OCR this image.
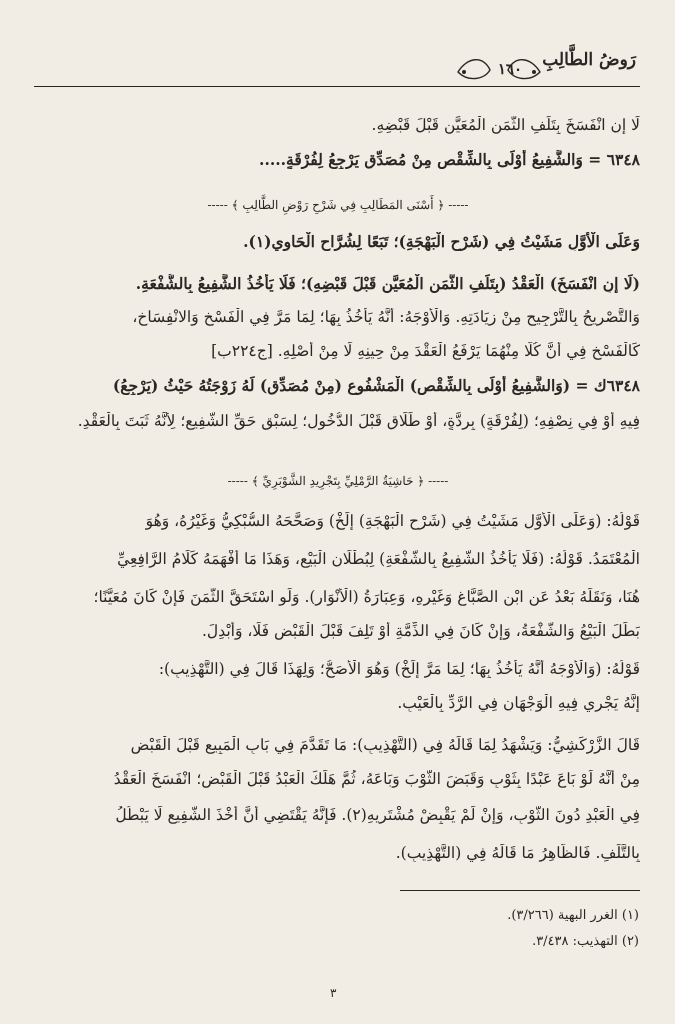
رَوضُ الطَّالِبِ
١٦٠
لَا إِنِ انْفَسَخَ بِتَلَفِ الثَّمَنِ الْمُعَيَّنِ قَبْلَ قَبْضِهِ.
٦٣٤٨ = وَالشَّفِيعُ أَوْلَى بِالشِّقْصِ مِنْ مُصَدِّقٍ يَرْجِعُ لِفُرْقَةٍ.....
----- ﴿ أَسْنَى المَطَالِبِ فِي شَرْحِ رَوْضِ الطَّالِبِ ﴾ -----
وَعَلَى الْأَوَّلِ مَشَيْتُ فِي (شَرْحِ الْبَهْجَةِ)؛ تَبَعًا لِشُرَّاحِ الْحَاوِي(١).
(لَا إِنِ انْفَسَخَ) الْعَقْدُ (بِتَلَفِ الثَّمَنِ الْمُعَيَّنِ قَبْلَ قَبْضِهِ)؛ فَلَا يَأْخُذُ الشَّفِيعُ بِالشُّفْعَةِ.
وَالتَّصْرِيحُ بِالتَّرْجِيحِ مِنْ زِيَادَتِهِ. وَالْأَوْجَهُ: أَنَّهُ يَأْخُذُ بِهَا؛ لِمَا مَرَّ فِي الْفَسْخِ وَالانْفِسَاخِ،
كَالْفَسْخِ فِي أَنَّ كُلًّا مِنْهُمَا يَرْفَعُ الْعَقْدَ مِنْ حِينِهِ لَا مِنْ أَصْلِهِ. [ج٢٢٤ب]
٦٣٤٨ك = (وَالشَّفِيعُ أَوْلَى بِالشِّقْصِ) الْمَشْفُوعِ (مِنْ مُصَدِّقٍ) لَهُ زَوْجَتُهُ حَيْثُ (يَرْجِعُ)
فِيهِ أَوْ فِي نِصْفِهِ؛ (لِفُرْقَةٍ) بِرِدَّةٍ، أَوْ طَلَاقٍ قَبْلَ الدُّخُولِ؛ لِسَبْقِ حَقِّ الشَّفِيعِ؛ لِأَنَّهُ ثَبَتَ بِالْعَقْدِ.
----- ﴿ حَاشِيَةُ الرَّمْلِيِّ بِتَجْرِيدِ الشَّوْبَرِيِّ ﴾ -----
قَوْلُهُ: (وَعَلَى الْأَوَّلِ مَشَيْتُ فِي (شَرْحِ الْبَهْجَةِ) إِلَخْ) وَصَحَّحَهُ السُّبْكِيُّ وَغَيْرُهُ، وَهُوَ
الْمُعْتَمَدُ. قَوْلُهُ: (فَلَا يَأْخُذُ الشَّفِيعُ بِالشُّفْعَةِ) لِبُطْلَانِ الْبَيْعِ، وَهَذَا مَا أَفْهَمَهُ كَلَامُ الرَّافِعِيِّ
هُنَا، وَنَقَلَهُ بَعْدُ عَنِ ابْنِ الصَّبَّاغِ وَغَيْرِهِ، وَعِبَارَةُ (الْأَنْوَارِ). وَلَوِ اسْتَحَقَّ الثَّمَنَ فَإِنْ كَانَ مُعَيَّنًا؛
بَطَلَ الْبَيْعُ وَالشُّفْعَةُ، وَإِنْ كَانَ فِي الذِّمَّةِ أَوْ تَلِفَ قَبْلَ الْقَبْضِ فَلَا، وَأُبْدِلَ.
قَوْلُهُ: (وَالْأَوْجَهُ أَنَّهُ يَأْخُذُ بِهَا؛ لِمَا مَرَّ إِلَخْ) وَهُوَ الْأَصَحُّ؛ وَلِهَذَا قَالَ فِي (التَّهْذِيبِ):
إِنَّهُ يَجْرِي فِيهِ الْوَجْهَانِ فِي الرَّدِّ بِالْعَيْبِ.
قَالَ الزَّرْكَشِيُّ: وَيَشْهَدُ لِمَا قَالَهُ فِي (التَّهْذِيبِ): مَا تَقَدَّمَ فِي بَابِ الْمَبِيعِ قَبْلَ الْقَبْضِ
مِنْ أَنَّهُ لَوْ بَاعَ عَبْدًا بِثَوْبٍ وَقَبَضَ الثَّوْبَ وَبَاعَهُ، ثُمَّ هَلَكَ الْعَبْدُ قَبْلَ الْقَبْضِ؛ انْفَسَخَ الْعَقْدُ
فِي الْعَبْدِ دُونَ الثَّوْبِ، وَإِنْ لَمْ يَقْبِضْ مُشْتَرِيهِ(٢). فَإِنَّهُ يَقْتَضِي أَنَّ أَخْذَ الشَّفِيعِ لَا يَبْطُلُ
بِالتَّلَفِ. فَالظَّاهِرُ مَا قَالَهُ فِي (التَّهْذِيبِ).
(١) الغرر البهية (٣/٢٦٦).
(٢) التهذيب: ٣/٤٣٨.
٣
